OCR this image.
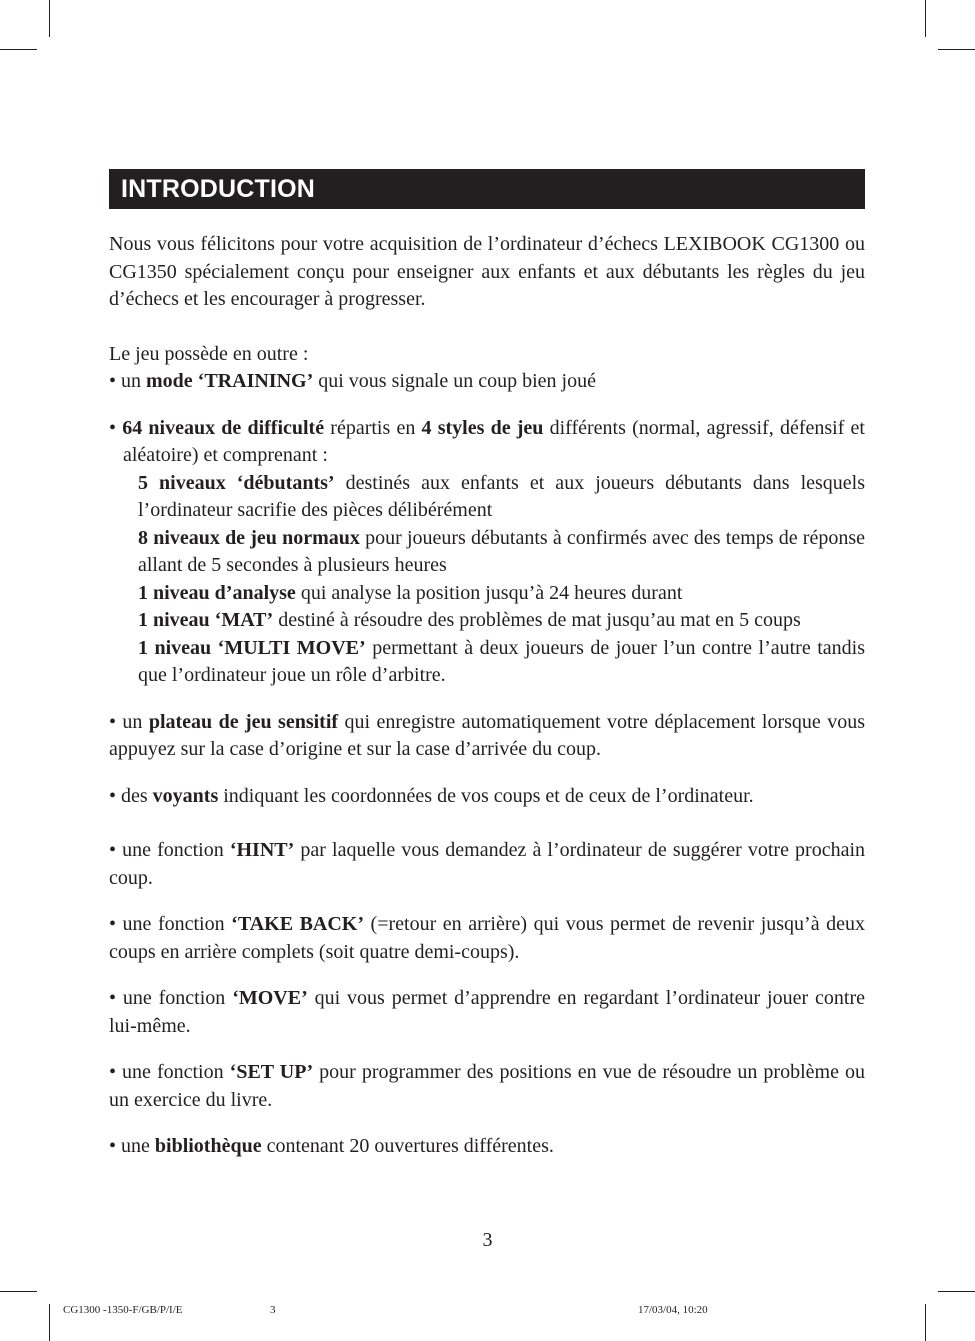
INTRODUCTION

Nous vous félicitons pour votre acquisition de l’ordinateur d’échecs LEXIBOOK CG1300 ou CG1350 spécialement conçu pour enseigner aux enfants et aux débutants les règles du jeu d’échecs et les encourager à progresser.

Le jeu possède en outre :

• un mode ‘TRAINING’ qui vous signale un coup bien joué

• 64 niveaux de difficulté répartis en 4 styles de jeu différents (normal, agressif, défensif et aléatoire) et comprenant :

5 niveaux ‘débutants’ destinés aux enfants et aux joueurs débutants dans lesquels l’ordinateur sacrifie des pièces délibérément

8 niveaux de jeu normaux pour joueurs débutants à confirmés avec des temps de réponse allant de 5 secondes à plusieurs heures

1 niveau d’analyse qui analyse la position jusqu’à 24 heures durant

1 niveau ‘MAT’ destiné à résoudre des problèmes de mat jusqu’au mat en 5 coups

1 niveau ‘MULTI MOVE’ permettant à deux joueurs de jouer l’un contre l’autre tandis que l’ordinateur joue un rôle d’arbitre.

• un plateau de jeu sensitif qui enregistre automatiquement votre déplacement lorsque vous appuyez sur la case d’origine et sur la case d’arrivée du coup.

• des voyants indiquant les coordonnées de vos coups et de ceux de l’ordinateur.

• une fonction ‘HINT’ par laquelle vous demandez à l’ordinateur de suggérer votre prochain coup.

• une fonction ‘TAKE BACK’ (=retour en arrière) qui vous permet de revenir jusqu’à deux coups en arrière complets (soit quatre demi-coups).

• une fonction ‘MOVE’ qui vous permet d’apprendre en regardant l’ordinateur jouer contre lui-même.

• une fonction ‘SET UP’ pour programmer des positions en vue de résoudre un problème ou un exercice du livre.

• une bibliothèque contenant 20 ouvertures différentes.

3
CG1300 -1350-F/GB/P/I/E	3	17/03/04, 10:20
